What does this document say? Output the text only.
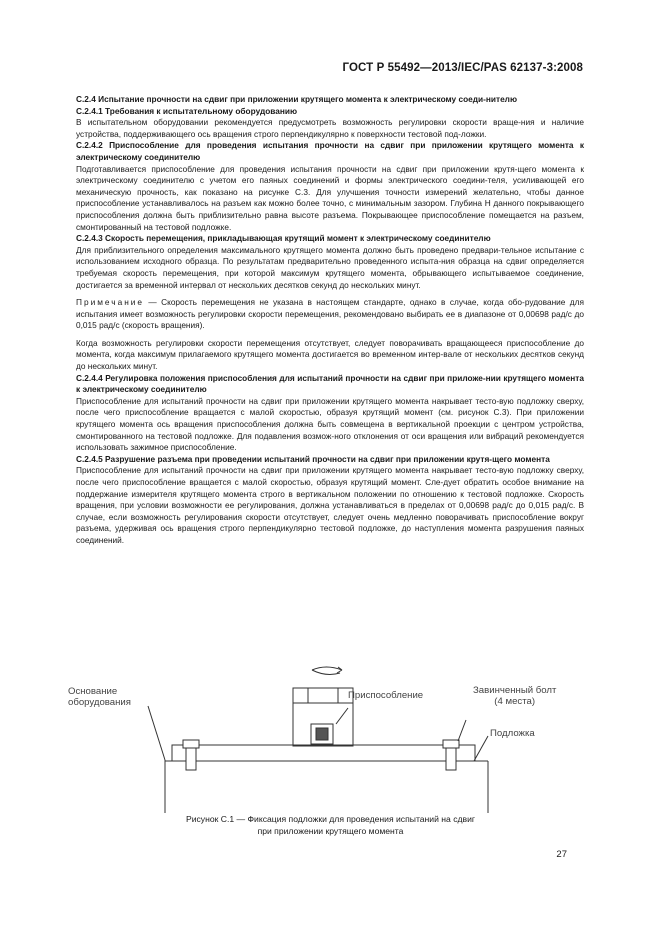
ГОСТ Р 55492—2013/IEC/PAS 62137-3:2008

С.2.4 Испытание прочности на сдвиг при приложении крутящего момента к электрическому соеди-нителю

С.2.4.1 Требования к испытательному оборудованию

В испытательном оборудовании рекомендуется предусмотреть возможность регулировки скорости враще-ния и наличие устройства, поддерживающего ось вращения строго перпендикулярно к поверхности тестовой под-ложки.

С.2.4.2 Приспособление для проведения испытания прочности на сдвиг при приложении крутящего момента к электрическому соединителю

Подготавливается приспособление для проведения испытания прочности на сдвиг при приложении крутя-щего момента к электрическому соединителю с учетом его паяных соединений и формы электрического соедини-теля, усиливающей его механическую прочность, как показано на рисунке С.3. Для улучшения точности измерений желательно, чтобы данное приспособление устанавливалось на разъем как можно более точно, с минимальным зазором. Глубина H данного покрывающего приспособления должна быть приблизительно равна высоте разъема. Покрывающее приспособление помещается на разъем, смонтированный на тестовой подложке.

С.2.4.3 Скорость перемещения, прикладывающая крутящий момент к электрическому соединителю

Для приблизительного определения максимального крутящего момента должно быть проведено предвари-тельное испытание с использованием исходного образца. По результатам предварительно проведенного испыта-ния образца на сдвиг определяется требуемая скорость перемещения, при которой максимум крутящего момента, обрывающего испытываемое соединение, достигается за временной интервал от нескольких десятков секунд до нескольких минут.

Примечание — Скорость перемещения не указана в настоящем стандарте, однако в случае, когда обо-рудование для испытания имеет возможность регулировки скорости перемещения, рекомендовано выбирать ее в диапазоне от 0,00698 рад/с до 0,015 рад/с (скорость вращения).

Когда возможность регулировки скорости перемещения отсутствует, следует поворачивать вращающееся приспособление до момента, когда максимум прилагаемого крутящего момента достигается во временном интер-вале от нескольких десятков секунд до нескольких минут.

С.2.4.4 Регулировка положения приспособления для испытаний прочности на сдвиг при приложе-нии крутящего момента к электрическому соединителю

Приспособление для испытаний прочности на сдвиг при приложении крутящего момента накрывает тесто-вую подложку сверху, после чего приспособление вращается с малой скоростью, образуя крутящий момент (см. рисунок С.3). При приложении крутящего момента ось вращения приспособления должна быть совмещена в вертикальной проекции с центром устройства, смонтированного на тестовой подложке. Для подавления возмож-ного отклонения от оси вращения или вибраций рекомендуется использовать зажимное приспособление.

С.2.4.5 Разрушение разъема при проведении испытаний прочности на сдвиг при приложении крутя-щего момента

Приспособление для испытаний прочности на сдвиг при приложении крутящего момента накрывает тесто-вую подложку сверху, после чего приспособление вращается с малой скоростью, образуя крутящий момент. Сле-дует обратить особое внимание на поддержание измерителя крутящего момента строго в вертикальном положении по отношению к тестовой подложке. Скорость вращения, при условии возможности ее регулирования, должна устанавливаться в пределах от 0,00698 рад/с до 0,015 рад/с. В случае, если возможность регулирования скорости отсутствует, следует очень медленно поворачивать приспособление вокруг разъема, удерживая ось вращения строго перпендикулярно тестовой подложке, до наступления момента разрушения паяных соединений.

Основание
оборудования
Приспособление	Завинченный болт
(4 места)
Подложка
Рисунок С.1 — Фиксация подложки для проведения испытаний на сдвиг
при приложении крутящего момента
27
